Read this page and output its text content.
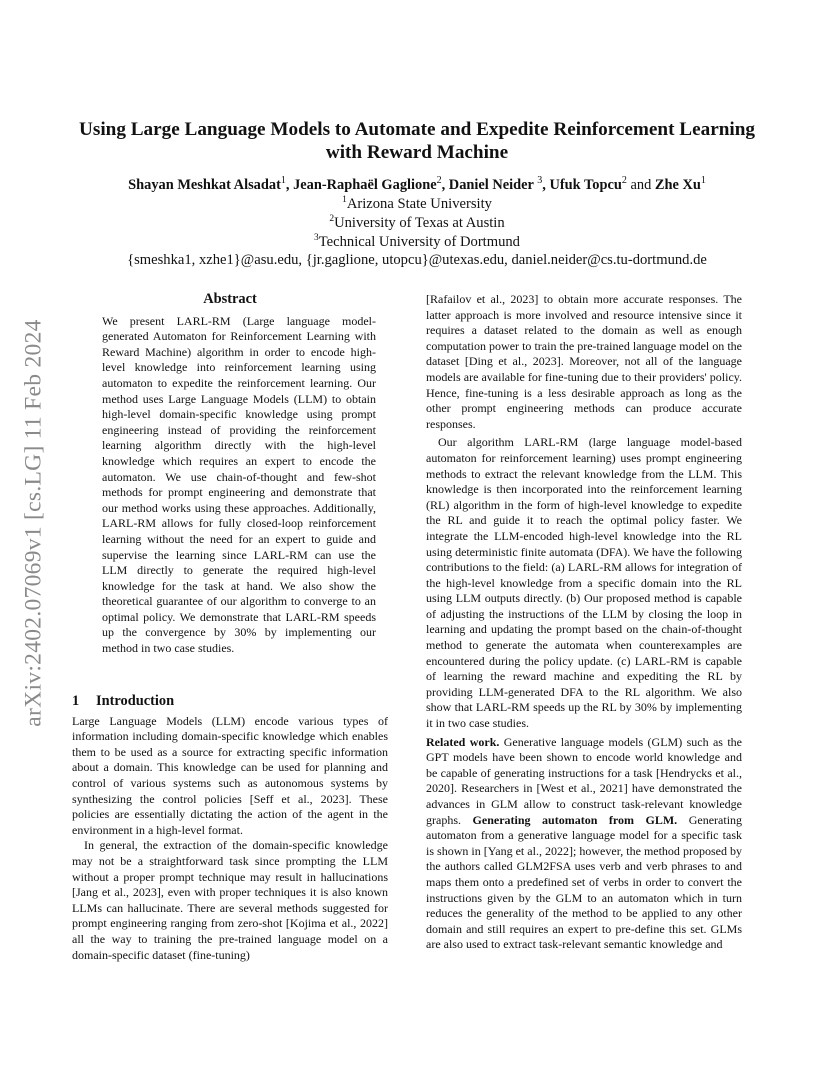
arXiv:2402.07069v1 [cs.LG] 11 Feb 2024
Using Large Language Models to Automate and Expedite Reinforcement Learning with Reward Machine
Shayan Meshkat Alsadat$^1$, Jean-Raphaël Gaglione$^2$, Daniel Neider $^3$, Ufuk Topcu$^2$ and Zhe Xu$^1$
$^1$Arizona State University
$^2$University of Texas at Austin
$^3$Technical University of Dortmund
{smeshka1, xzhe1}@asu.edu, {jr.gaglione, utopcu}@utexas.edu, daniel.neider@cs.tu-dortmund.de
Abstract

We present LARL-RM (Large language model-generated Automaton for Reinforcement Learning with Reward Machine) algorithm in order to encode high-level knowledge into reinforcement learning using automaton to expedite the reinforcement learning. Our method uses Large Language Models (LLM) to obtain high-level domain-specific knowledge using prompt engineering instead of providing the reinforcement learning algorithm directly with the high-level knowledge which requires an expert to encode the automaton. We use chain-of-thought and few-shot methods for prompt engineering and demonstrate that our method works using these approaches. Additionally, LARL-RM allows for fully closed-loop reinforcement learning without the need for an expert to guide and supervise the learning since LARL-RM can use the LLM directly to generate the required high-level knowledge for the task at hand. We also show the theoretical guarantee of our algorithm to converge to an optimal policy. We demonstrate that LARL-RM speeds up the convergence by 30% by implementing our method in two case studies.

1 Introduction

Large Language Models (LLM) encode various types of information including domain-specific knowledge which enables them to be used as a source for extracting specific information about a domain. This knowledge can be used for planning and control of various systems such as autonomous systems by synthesizing the control policies [Seff et al., 2023]. These policies are essentially dictating the action of the agent in the environment in a high-level format.

In general, the extraction of the domain-specific knowledge may not be a straightforward task since prompting the LLM without a proper prompt technique may result in hallucinations [Jang et al., 2023], even with proper techniques it is also known LLMs can hallucinate. There are several methods suggested for prompt engineering ranging from zero-shot [Kojima et al., 2022] all the way to training the pre-trained language model on a domain-specific dataset (fine-tuning)

[Rafailov et al., 2023] to obtain more accurate responses. The latter approach is more involved and resource intensive since it requires a dataset related to the domain as well as enough computation power to train the pre-trained language model on the dataset [Ding et al., 2023]. Moreover, not all of the language models are available for fine-tuning due to their providers' policy. Hence, fine-tuning is a less desirable approach as long as the other prompt engineering methods can produce accurate responses.

Our algorithm LARL-RM (large language model-based automaton for reinforcement learning) uses prompt engineering methods to extract the relevant knowledge from the LLM. This knowledge is then incorporated into the reinforcement learning (RL) algorithm in the form of high-level knowledge to expedite the RL and guide it to reach the optimal policy faster. We integrate the LLM-encoded high-level knowledge into the RL using deterministic finite automata (DFA). We have the following contributions to the field: (a) LARL-RM allows for integration of the high-level knowledge from a specific domain into the RL using LLM outputs directly. (b) Our proposed method is capable of adjusting the instructions of the LLM by closing the loop in learning and updating the prompt based on the chain-of-thought method to generate the automata when counterexamples are encountered during the policy update. (c) LARL-RM is capable of learning the reward machine and expediting the RL by providing LLM-generated DFA to the RL algorithm. We also show that LARL-RM speeds up the RL by 30% by implementing it in two case studies.

Related work. Generative language models (GLM) such as the GPT models have been shown to encode world knowledge and be capable of generating instructions for a task [Hendrycks et al., 2020]. Researchers in [West et al., 2021] have demonstrated the advances in GLM allow to construct task-relevant knowledge graphs. Generating automaton from GLM. Generating automaton from a generative language model for a specific task is shown in [Yang et al., 2022]; however, the method proposed by the authors called GLM2FSA uses verb and verb phrases to and maps them onto a predefined set of verbs in order to convert the instructions given by the GLM to an automaton which in turn reduces the generality of the method to be applied to any other domain and still requires an expert to pre-define this set. GLMs are also used to extract task-relevant semantic knowledge and
